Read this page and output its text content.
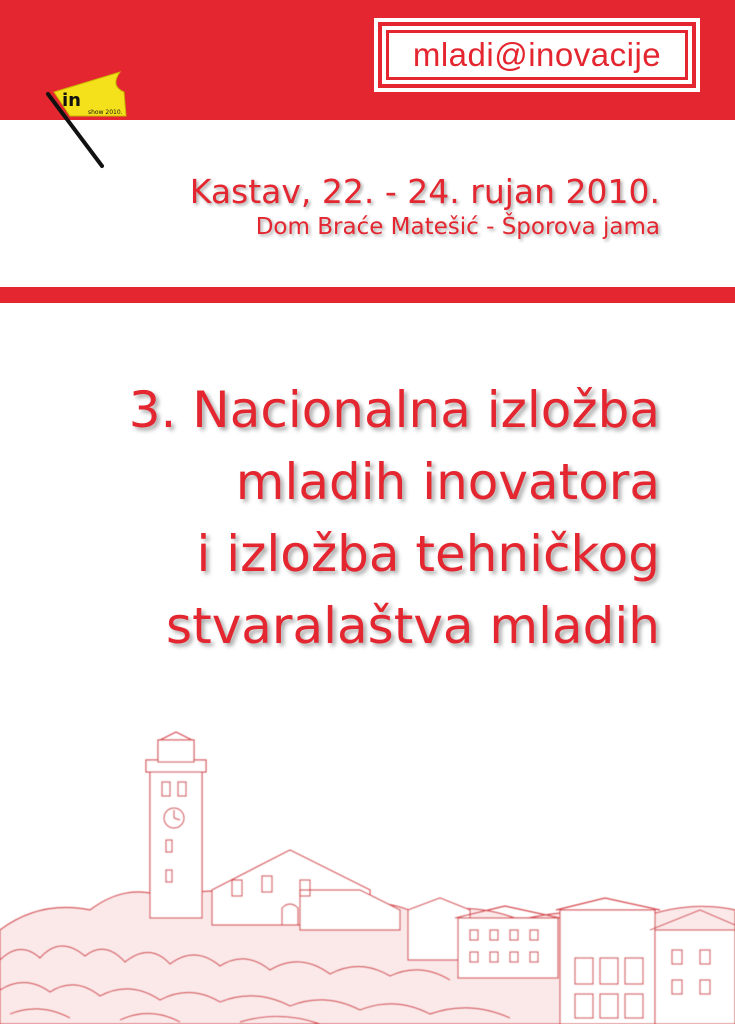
mladi@inovacije
in
show 2010.
Kastav, 22. - 24. rujan 2010.
Dom Braće Matešić - Šporova jama
3. Nacionalna izložba
mladih inovatora
i izložba tehničkog
stvaralaštva mladih
